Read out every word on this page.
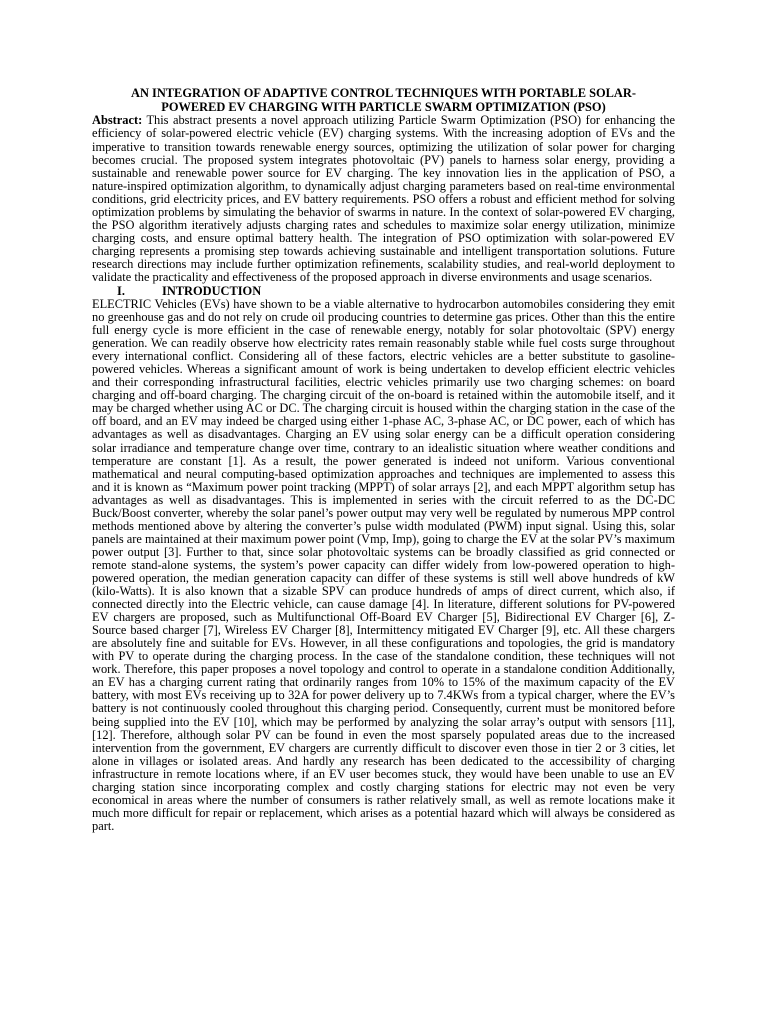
AN INTEGRATION OF ADAPTIVE CONTROL TECHNIQUES WITH PORTABLE SOLAR-

POWERED EV CHARGING WITH PARTICLE SWARM OPTIMIZATION (PSO)

Abstract: This abstract presents a novel approach utilizing Particle Swarm Optimization (PSO) for enhancing the efficiency of solar-powered electric vehicle (EV) charging systems. With the increasing adoption of EVs and the imperative to transition towards renewable energy sources, optimizing the utilization of solar power for charging becomes crucial. The proposed system integrates photovoltaic (PV) panels to harness solar energy, providing a sustainable and renewable power source for EV charging. The key innovation lies in the application of PSO, a nature-inspired optimization algorithm, to dynamically adjust charging parameters based on real-time environmental conditions, grid electricity prices, and EV battery requirements. PSO offers a robust and efficient method for solving optimization problems by simulating the behavior of swarms in nature. In the context of solar-powered EV charging, the PSO algorithm iteratively adjusts charging rates and schedules to maximize solar energy utilization, minimize charging costs, and ensure optimal battery health. The integration of PSO optimization with solar-powered EV charging represents a promising step towards achieving sustainable and intelligent transportation solutions. Future research directions may include further optimization refinements, scalability studies, and real-world deployment to validate the practicality and effectiveness of the proposed approach in diverse environments and usage scenarios.

I.	INTRODUCTION

ELECTRIC Vehicles (EVs) have shown to be a viable alternative to hydrocarbon automobiles considering they emit no greenhouse gas and do not rely on crude oil producing countries to determine gas prices. Other than this the entire full energy cycle is more efficient in the case of renewable energy, notably for solar photovoltaic (SPV) energy generation. We can readily observe how electricity rates remain reasonably stable while fuel costs surge throughout every international conflict. Considering all of these factors, electric vehicles are a better substitute to gasoline-powered vehicles. Whereas a significant amount of work is being undertaken to develop efficient electric vehicles and their corresponding infrastructural facilities, electric vehicles primarily use two charging schemes: on board charging and off-board charging. The charging circuit of the on-board is retained within the automobile itself, and it may be charged whether using AC or DC. The charging circuit is housed within the charging station in the case of the off board, and an EV may indeed be charged using either 1-phase AC, 3-phase AC, or DC power, each of which has advantages as well as disadvantages. Charging an EV using solar energy can be a difficult operation considering solar irradiance and temperature change over time, contrary to an idealistic situation where weather conditions and temperature are constant [1]. As a result, the power generated is indeed not uniform. Various conventional mathematical and neural computing-based optimization approaches and techniques are implemented to assess this and it is known as “Maximum power point tracking (MPPT) of solar arrays [2], and each MPPT algorithm setup has advantages as well as disadvantages. This is implemented in series with the circuit referred to as the DC-DC Buck/Boost converter, whereby the solar panel’s power output may very well be regulated by numerous MPP control methods mentioned above by altering the converter’s pulse width modulated (PWM) input signal. Using this, solar panels are maintained at their maximum power point (Vmp, Imp), going to charge the EV at the solar PV’s maximum power output [3]. Further to that, since solar photovoltaic systems can be broadly classified as grid connected or remote stand-alone systems, the system’s power capacity can differ widely from low-powered operation to high-powered operation, the median generation capacity can differ of these systems is still well above hundreds of kW (kilo-Watts). It is also known that a sizable SPV can produce hundreds of amps of direct current, which also, if connected directly into the Electric vehicle, can cause damage [4]. In literature, different solutions for PV-powered EV chargers are proposed, such as Multifunctional Off-Board EV Charger [5], Bidirectional EV Charger [6], Z-Source based charger [7], Wireless EV Charger [8], Intermittency mitigated EV Charger [9], etc. All these chargers are absolutely fine and suitable for EVs. However, in all these configurations and topologies, the grid is mandatory with PV to operate during the charging process. In the case of the standalone condition, these techniques will not work. Therefore, this paper proposes a novel topology and control to operate in a standalone condition Additionally, an EV has a charging current rating that ordinarily ranges from 10% to 15% of the maximum capacity of the EV battery, with most EVs receiving up to 32A for power delivery up to 7.4KWs from a typical charger, where the EV’s battery is not continuously cooled throughout this charging period. Consequently, current must be monitored before being supplied into the EV [10], which may be performed by analyzing the solar array’s output with sensors [11], [12]. Therefore, although solar PV can be found in even the most sparsely populated areas due to the increased intervention from the government, EV chargers are currently difficult to discover even those in tier 2 or 3 cities, let alone in villages or isolated areas. And hardly any research has been dedicated to the accessibility of charging infrastructure in remote locations where, if an EV user becomes stuck, they would have been unable to use an EV charging station since incorporating complex and costly charging stations for electric may not even be very economical in areas where the number of consumers is rather relatively small, as well as remote locations make it much more difficult for repair or replacement, which arises as a potential hazard which will always be considered as part.
